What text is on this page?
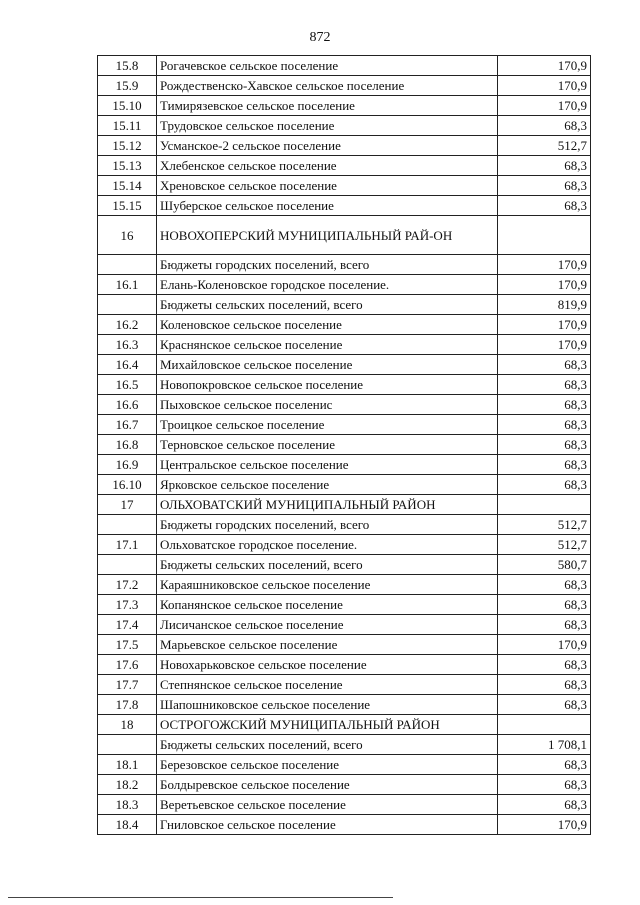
872
15.8	Рогачевское сельское поселение	170,9
15.9	Рождественско-Хавское сельское поселение	170,9
15.10	Тимирязевское сельское поселение	170,9
15.11	Трудовское сельское поселение	68,3
15.12	Усманское-2 сельское поселение	512,7
15.13	Хлебенское сельское поселение	68,3
15.14	Хреновское сельское поселение	68,3
15.15	Шуберское сельское поселение	68,3
16	НОВОХОПЕРСКИЙ МУНИЦИПАЛЬНЫЙ РАЙ-ОН	
	Бюджеты городских поселений, всего	170,9
16.1	Елань-Коленовское городское поселение.	170,9
	Бюджеты сельских поселений, всего	819,9
16.2	Коленовское сельское поселение	170,9
16.3	Краснянское сельское поселение	170,9
16.4	Михайловское сельское поселение	68,3
16.5	Новопокровское сельское поселение	68,3
16.6	Пыховское сельское поселенис	68,3
16.7	Троицкое сельское поселение	68,3
16.8	Терновское сельское поселение	68,3
16.9	Центральское сельское поселение	68,3
16.10	Ярковское сельское поселение	68,3
17	ОЛЬХОВАТСКИЙ МУНИЦИПАЛЬНЫЙ РАЙОН	
	Бюджеты городских поселений, всего	512,7
17.1	Ольховатское городское поселение.	512,7
	Бюджеты сельских поселений, всего	580,7
17.2	Караяшниковское сельское поселение	68,3
17.3	Копанянское сельское поселение	68,3
17.4	Лисичанское сельское поселение	68,3
17.5	Марьевское сельское поселение	170,9
17.6	Новохарьковское сельское поселение	68,3
17.7	Степнянское сельское поселение	68,3
17.8	Шапошниковское сельское поселение	68,3
18	ОСТРОГОЖСКИЙ МУНИЦИПАЛЬНЫЙ РАЙОН	
	Бюджеты сельских поселений, всего	1 708,1
18.1	Березовское сельское поселение	68,3
18.2	Болдыревское сельское поселение	68,3
18.3	Веретьевское сельское поселение	68,3
18.4	Гниловское сельское поселение	170,9
